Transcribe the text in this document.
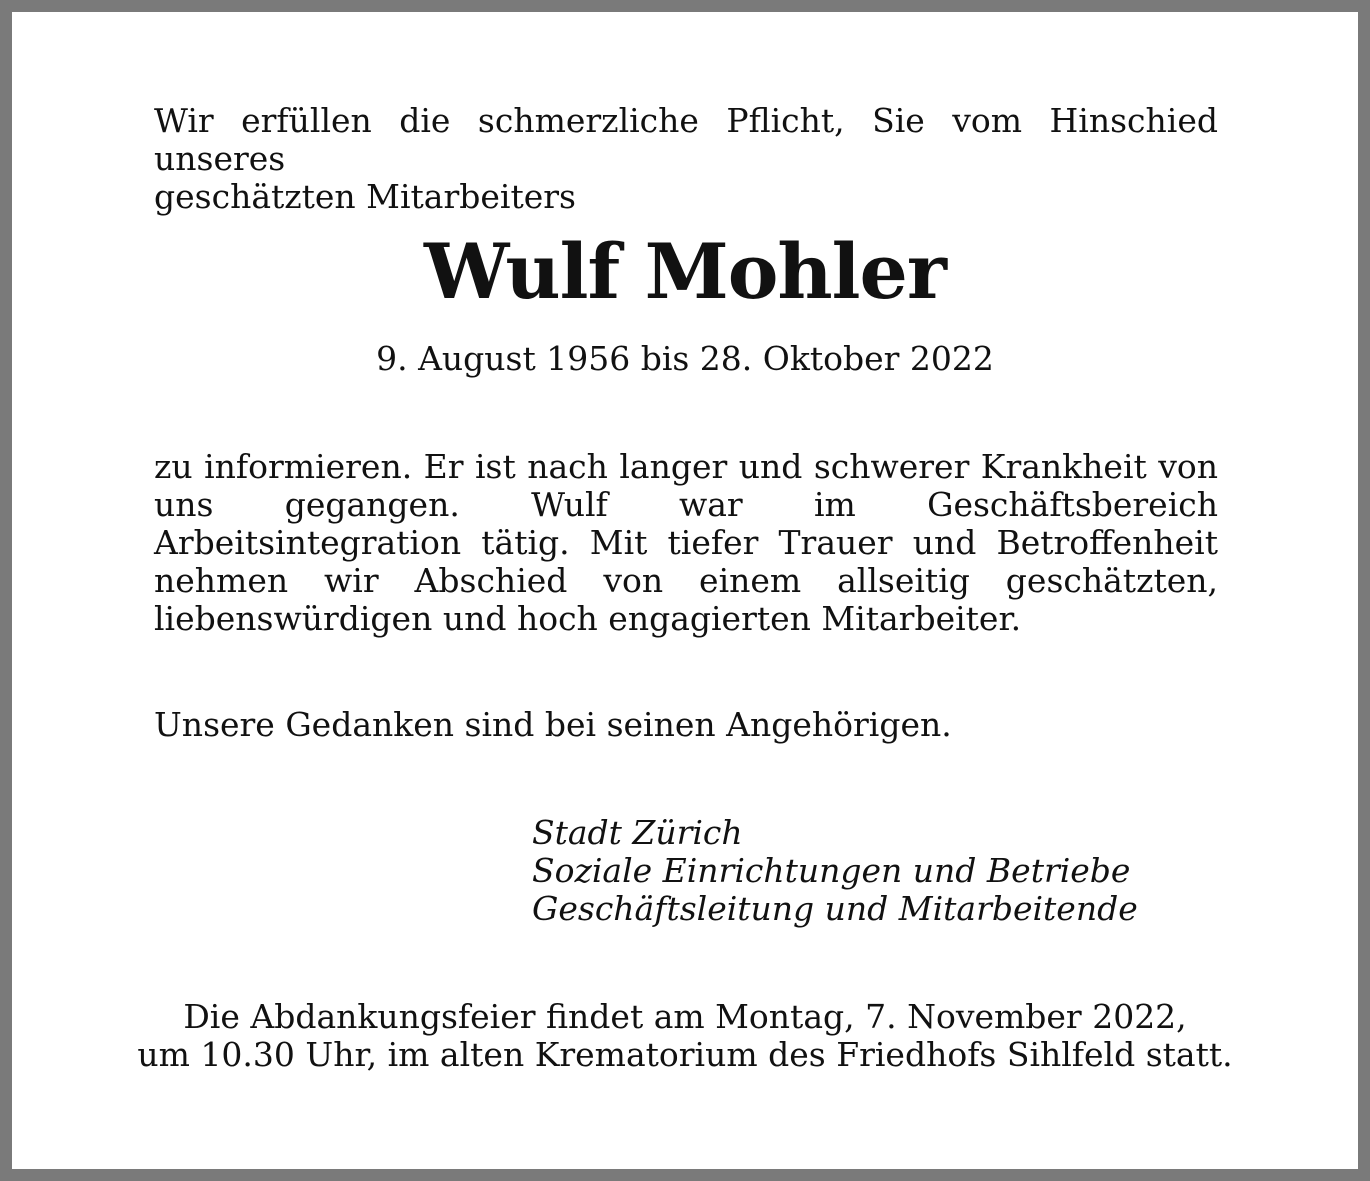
Wir erfüllen die schmerzliche Pflicht, Sie vom Hinschied unseres
geschätzten Mitarbeiters

Wulf Mohler
9. August 1956 bis 28. Oktober 2022

zu informieren. Er ist nach langer und schwerer Krankheit von uns gegangen. Wulf war im Geschäftsbereich Arbeitsintegration tätig. Mit tiefer Trauer und Betroffenheit nehmen wir Abschied von einem allseitig geschätzten, liebenswürdigen und hoch engagierten Mitarbeiter.

Unsere Gedanken sind bei seinen Angehörigen.

Stadt Zürich
Soziale Einrichtungen und Betriebe
Geschäftsleitung und Mitarbeitende
Die Abdankungsfeier findet am Montag, 7. November 2022,
um 10.30 Uhr, im alten Krematorium des Friedhofs Sihlfeld statt.
